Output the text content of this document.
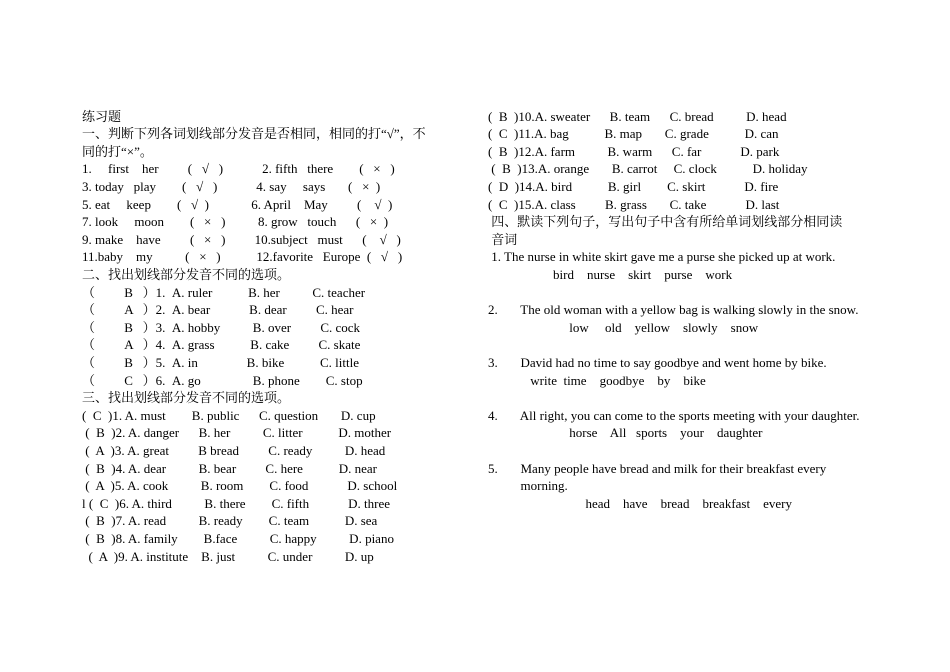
练习题
一、判断下列各词划线部分发音是否相同，相同的打“√”，不
同的打“×”。
1.     first    her         (   √   )            2. fifth   there        (   ×   )
3. today   play        (   √   )            4. say     says       (   ×  )
5. eat     keep        (   √  )             6. April    May         (    √  )
7. look     moon        (   ×   )          8. grow   touch      (   ×  )
9. make    have         (   ×   )         10.subject   must      (    √   )
11.baby    my          (   ×   )           12.favorite   Europe  (   √   )
二、找出划线部分发音不同的选项。
（         B   ）1.  A. ruler           B. her          C. teacher
（         A   ）2.  A. bear            B. dear         C. hear
（         B   ）3.  A. hobby          B. over         C. cock
（         A   ）4.  A. grass           B. cake         C. skate
（         B   ）5.  A. in               B. bike           C. little
（         C   ）6.  A. go                B. phone        C. stop
三、找出划线部分发音不同的选项。
(  C  )1. A. must        B. public      C. question       D. cup
(  B  )2. A. danger      B. her          C. litter           D. mother
(  A  )3. A. great         B bread         C. ready          D. head
(  B  )4. A. dear          B. bear         C. here           D. near
(  A  )5. A. cook          B. room        C. food            D. school
l (  C  )6. A. third          B. there        C. fifth            D. three
(  B  )7. A. read          B. ready        C. team           D. sea
(  B  )8. A. family        B.face          C. happy          D. piano
(  A  )9. A. institute    B. just          C. under          D. up
(  B  )10.A. sweater      B. team      C. bread          D. head
(  C  )11.A. bag           B. map       C. grade           D. can
(  B  )12.A. farm          B. warm      C. far            D. park
(  B  )13.A. orange       B. carrot     C. clock           D. holiday
(  D  )14.A. bird           B. girl        C. skirt            D. fire
(  C  )15.A. class         B. grass       C. take            D. last
四、默读下列句子，写出句子中含有所给单词划线部分相同读
音词
1. The nurse in white skirt gave me a purse she picked up at work.
bird    nurse    skirt    purse    work
2.       The old woman with a yellow bag is walking slowly in the snow.
low     old    yellow    slowly    snow
3.       David had no time to say goodbye and went home by bike.
write  time    goodbye    by    bike
4.       All right, you can come to the sports meeting with your daughter.
horse    All   sports    your    daughter
5.       Many people have bread and milk for their breakfast every
morning.
head    have    bread    breakfast    every
